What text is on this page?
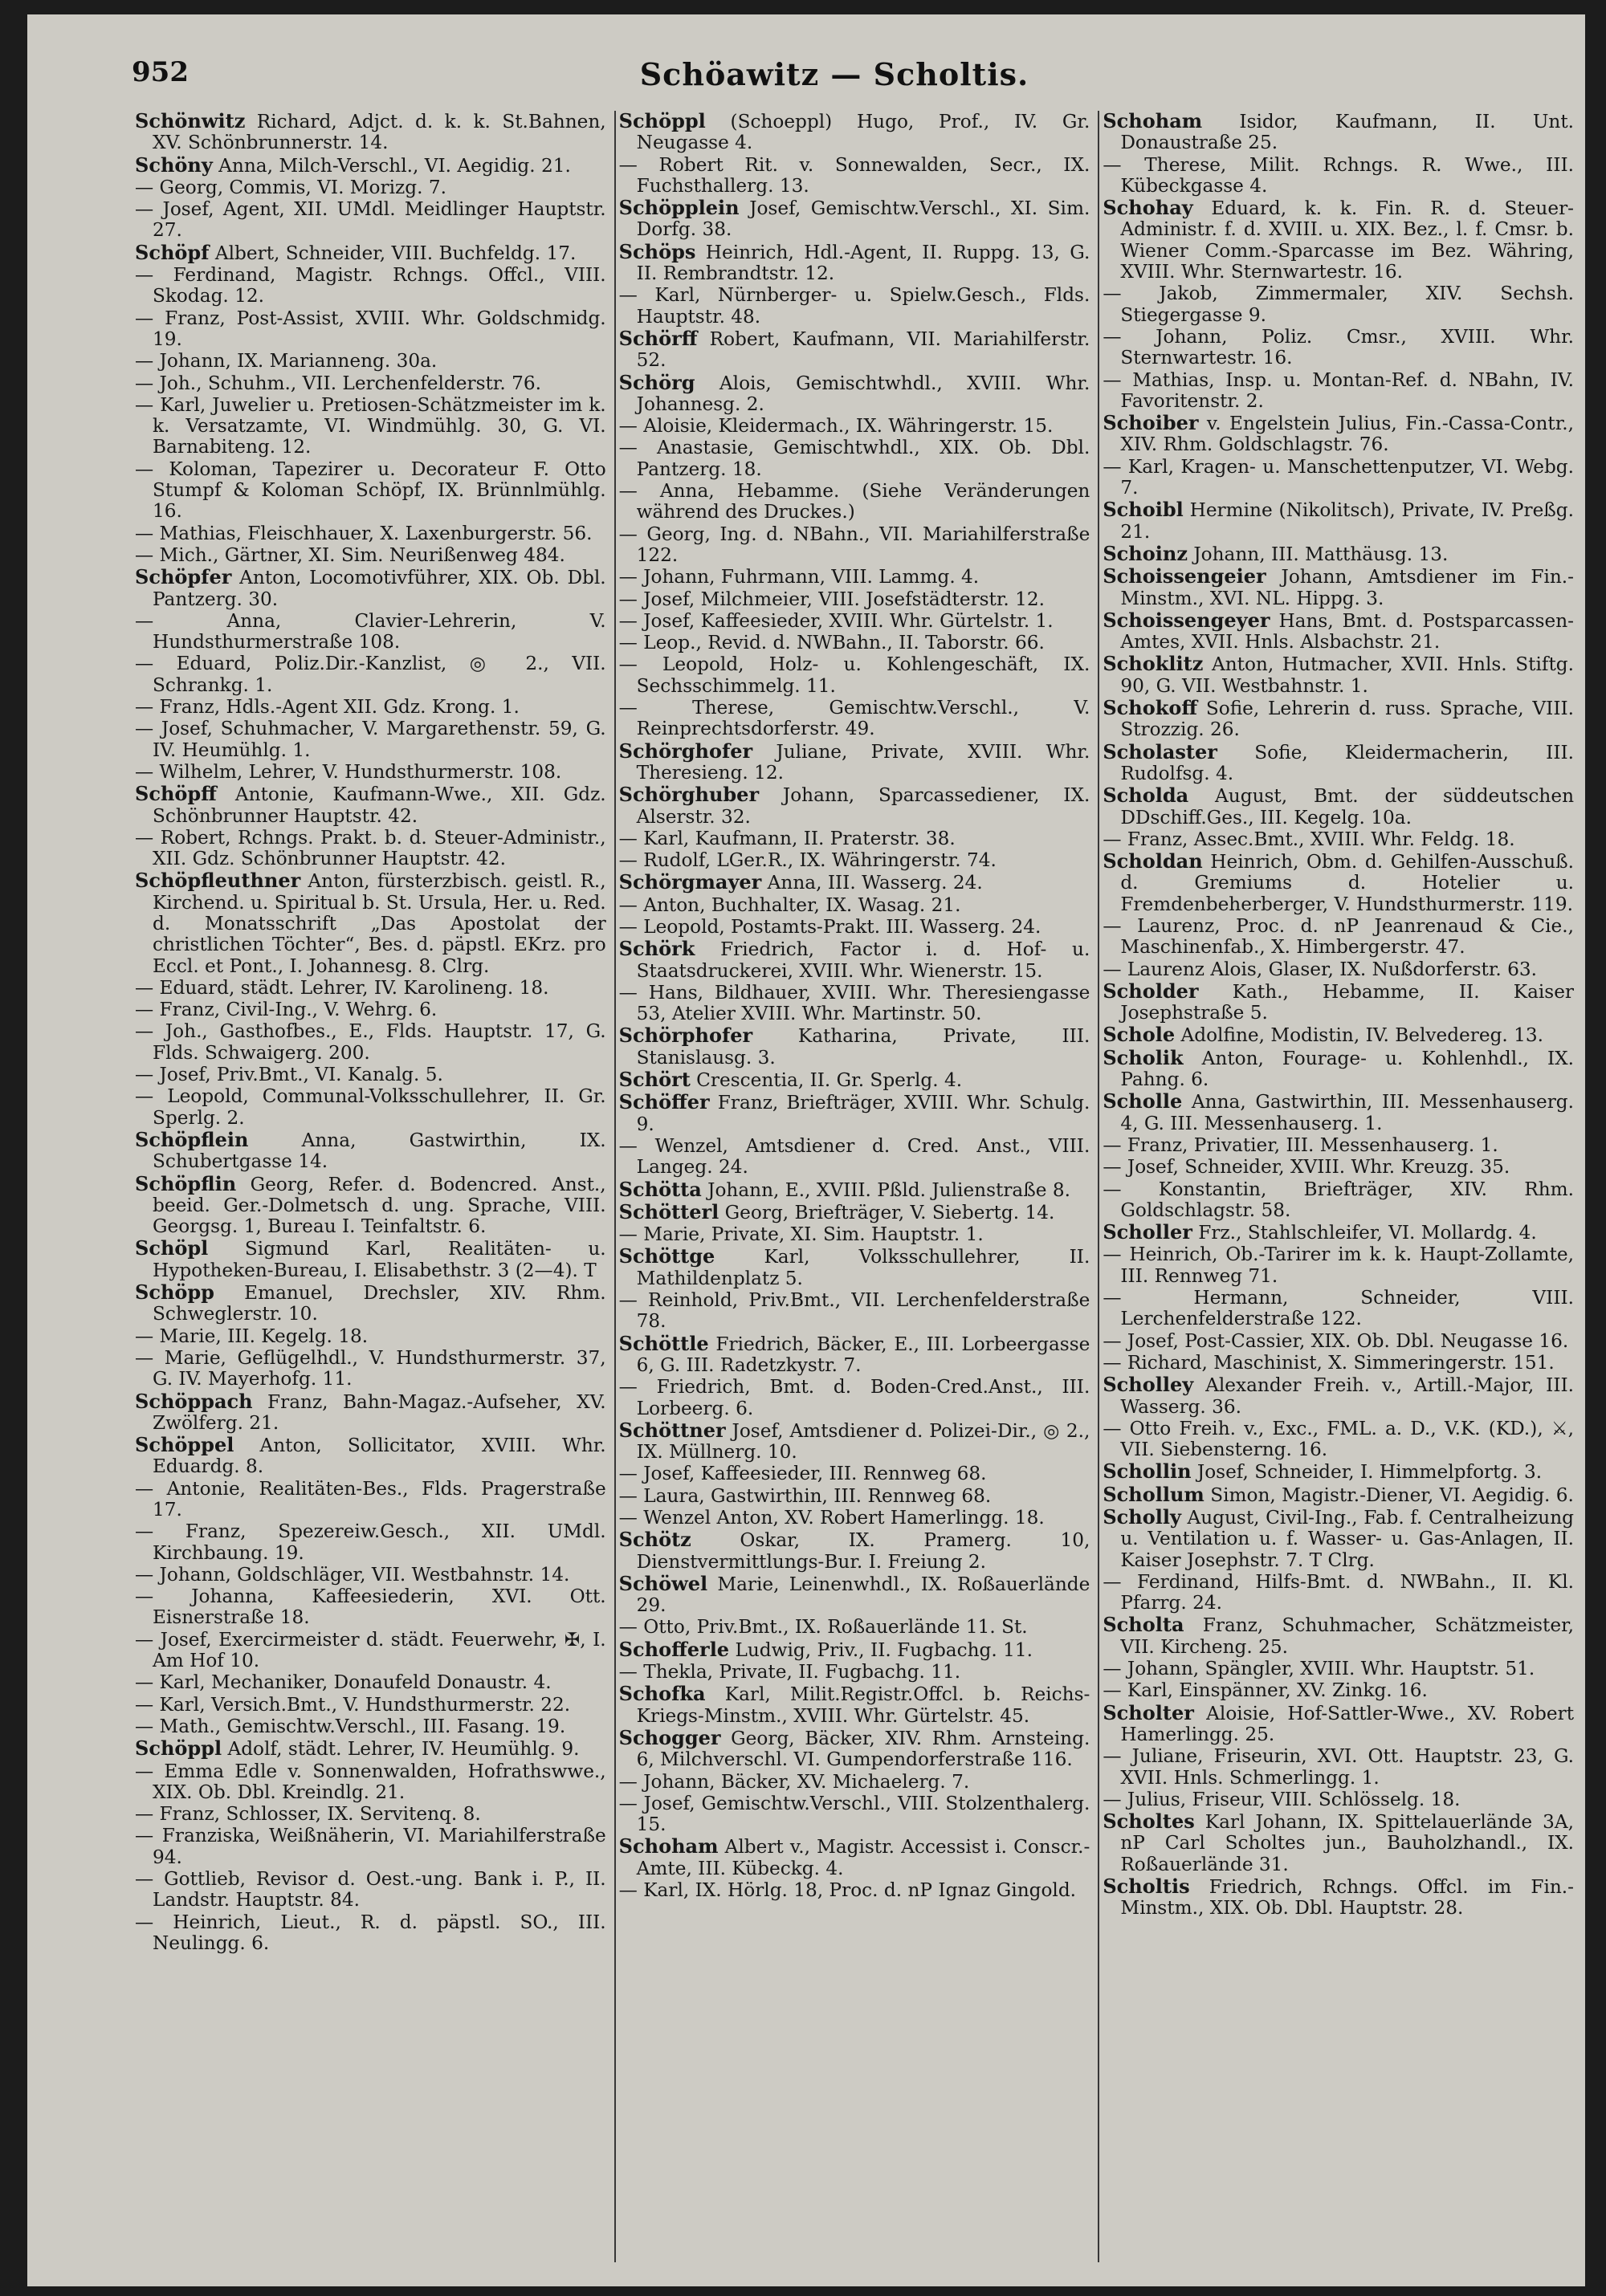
952	Schöawitz — Scholtis.
Schönwitz Richard, Adjct. d. k. k. St.Bahnen, XV. Schönbrunnerstr. 14.
Schöny Anna, Milch-Verschl., VI. Aegidig. 21.
— Georg, Commis, VI. Morizg. 7.
— Josef, Agent, XII. UMdl. Meidlinger Hauptstr. 27.
Schöpf Albert, Schneider, VIII. Buchfeldg. 17.
— Ferdinand, Magistr. Rchngs. Offcl., VIII. Skodag. 12.
— Franz, Post-Assist, XVIII. Whr. Goldschmidg. 19.
— Johann, IX. Marianneng. 30a.
— Joh., Schuhm., VII. Lerchenfelderstr. 76.
— Karl, Juwelier u. Pretiosen-Schätzmeister im k. k. Versatzamte, VI. Windmühlg. 30, G. VI. Barnabiteng. 12.
— Koloman, Tapezirer u. Decorateur F. Otto Stumpf & Koloman Schöpf, IX. Brünnlmühlg. 16.
— Mathias, Fleischhauer, X. Laxenburgerstr. 56.
— Mich., Gärtner, XI. Sim. Neurißenweg 484.
Schöpfer Anton, Locomotivführer, XIX. Ob. Dbl. Pantzerg. 30.
— Anna, Clavier-Lehrerin, V. Hundsthurmerstraße 108.
— Eduard, Poliz.Dir.-Kanzlist, ◎ 2., VII. Schrankg. 1.
— Franz, Hdls.-Agent XII. Gdz. Krong. 1.
— Josef, Schuhmacher, V. Margarethenstr. 59, G. IV. Heumühlg. 1.
— Wilhelm, Lehrer, V. Hundsthurmerstr. 108.
Schöpff Antonie, Kaufmann-Wwe., XII. Gdz. Schönbrunner Hauptstr. 42.
— Robert, Rchngs. Prakt. b. d. Steuer-Administr., XII. Gdz. Schönbrunner Hauptstr. 42.
Schöpfleuthner Anton, fürsterzbisch. geistl. R., Kirchend. u. Spiritual b. St. Ursula, Her. u. Red. d. Monatsschrift „Das Apostolat der christlichen Töchter“, Bes. d. päpstl. EKrz. pro Eccl. et Pont., I. Johannesg. 8. Clrg.
— Eduard, städt. Lehrer, IV. Karolineng. 18.
— Franz, Civil-Ing., V. Wehrg. 6.
— Joh., Gasthofbes., E., Flds. Hauptstr. 17, G. Flds. Schwaigerg. 200.
— Josef, Priv.Bmt., VI. Kanalg. 5.
— Leopold, Communal-Volksschullehrer, II. Gr. Sperlg. 2.
Schöpflein Anna, Gastwirthin, IX. Schubertgasse 14.
Schöpflin Georg, Refer. d. Bodencred. Anst., beeid. Ger.-Dolmetsch d. ung. Sprache, VIII. Georgsg. 1, Bureau I. Teinfaltstr. 6.
Schöpl Sigmund Karl, Realitäten- u. Hypotheken-Bureau, I. Elisabethstr. 3 (2—4). T
Schöpp Emanuel, Drechsler, XIV. Rhm. Schweglerstr. 10.
— Marie, III. Kegelg. 18.
— Marie, Geflügelhdl., V. Hundsthurmerstr. 37, G. IV. Mayerhofg. 11.
Schöppach Franz, Bahn-Magaz.-Aufseher, XV. Zwölferg. 21.
Schöppel Anton, Sollicitator, XVIII. Whr. Eduardg. 8.
— Antonie, Realitäten-Bes., Flds. Pragerstraße 17.
— Franz, Spezereiw.Gesch., XII. UMdl. Kirchbaung. 19.
— Johann, Goldschläger, VII. Westbahnstr. 14.
— Johanna, Kaffeesiederin, XVI. Ott. Eisnerstraße 18.
— Josef, Exercirmeister d. städt. Feuerwehr, ✠, I. Am Hof 10.
— Karl, Mechaniker, Donaufeld Donaustr. 4.
— Karl, Versich.Bmt., V. Hundsthurmerstr. 22.
— Math., Gemischtw.Verschl., III. Fasang. 19.
Schöppl Adolf, städt. Lehrer, IV. Heumühlg. 9.
— Emma Edle v. Sonnenwalden, Hofrathswwe., XIX. Ob. Dbl. Kreindlg. 21.
— Franz, Schlosser, IX. Servitenq. 8.
— Franziska, Weißnäherin, VI. Mariahilferstraße 94.
— Gottlieb, Revisor d. Oest.-ung. Bank i. P., II. Landstr. Hauptstr. 84.
— Heinrich, Lieut., R. d. päpstl. SO., III. Neulingg. 6.
Schöppl (Schoeppl) Hugo, Prof., IV. Gr. Neugasse 4.
— Robert Rit. v. Sonnewalden, Secr., IX. Fuchsthallerg. 13.
Schöpplein Josef, Gemischtw.Verschl., XI. Sim. Dorfg. 38.
Schöps Heinrich, Hdl.-Agent, II. Ruppg. 13, G. II. Rembrandtstr. 12.
— Karl, Nürnberger- u. Spielw.Gesch., Flds. Hauptstr. 48.
Schörff Robert, Kaufmann, VII. Mariahilferstr. 52.
Schörg Alois, Gemischtwhdl., XVIII. Whr. Johannesg. 2.
— Aloisie, Kleidermach., IX. Währingerstr. 15.
— Anastasie, Gemischtwhdl., XIX. Ob. Dbl. Pantzerg. 18.
— Anna, Hebamme. (Siehe Veränderungen während des Druckes.)
— Georg, Ing. d. NBahn., VII. Mariahilferstraße 122.
— Johann, Fuhrmann, VIII. Lammg. 4.
— Josef, Milchmeier, VIII. Josefstädterstr. 12.
— Josef, Kaffeesieder, XVIII. Whr. Gürtelstr. 1.
— Leop., Revid. d. NWBahn., II. Taborstr. 66.
— Leopold, Holz- u. Kohlengeschäft, IX. Sechsschimmelg. 11.
— Therese, Gemischtw.Verschl., V. Reinprechtsdorferstr. 49.
Schörghofer Juliane, Private, XVIII. Whr. Theresieng. 12.
Schörghuber Johann, Sparcassediener, IX. Alserstr. 32.
— Karl, Kaufmann, II. Praterstr. 38.
— Rudolf, LGer.R., IX. Währingerstr. 74.
Schörgmayer Anna, III. Wasserg. 24.
— Anton, Buchhalter, IX. Wasag. 21.
— Leopold, Postamts-Prakt. III. Wasserg. 24.
Schörk Friedrich, Factor i. d. Hof- u. Staatsdruckerei, XVIII. Whr. Wienerstr. 15.
— Hans, Bildhauer, XVIII. Whr. Theresiengasse 53, Atelier XVIII. Whr. Martinstr. 50.
Schörphofer Katharina, Private, III. Stanislausg. 3.
Schört Crescentia, II. Gr. Sperlg. 4.
Schöffer Franz, Briefträger, XVIII. Whr. Schulg. 9.
— Wenzel, Amtsdiener d. Cred. Anst., VIII. Langeg. 24.
Schötta Johann, E., XVIII. Pßld. Julienstraße 8.
Schötterl Georg, Briefträger, V. Siebertg. 14.
— Marie, Private, XI. Sim. Hauptstr. 1.
Schöttge Karl, Volksschullehrer, II. Mathildenplatz 5.
— Reinhold, Priv.Bmt., VII. Lerchenfelderstraße 78.
Schöttle Friedrich, Bäcker, E., III. Lorbeergasse 6, G. III. Radetzkystr. 7.
— Friedrich, Bmt. d. Boden-Cred.Anst., III. Lorbeerg. 6.
Schöttner Josef, Amtsdiener d. Polizei-Dir., ◎ 2., IX. Müllnerg. 10.
— Josef, Kaffeesieder, III. Rennweg 68.
— Laura, Gastwirthin, III. Rennweg 68.
— Wenzel Anton, XV. Robert Hamerlingg. 18.
Schötz Oskar, IX. Pramerg. 10, Dienstvermittlungs-Bur. I. Freiung 2.
Schöwel Marie, Leinenwhdl., IX. Roßauerlände 29.
— Otto, Priv.Bmt., IX. Roßauerlände 11. St.
Schofferle Ludwig, Priv., II. Fugbachg. 11.
— Thekla, Private, II. Fugbachg. 11.
Schofka Karl, Milit.Registr.Offcl. b. Reichs-Kriegs-Minstm., XVIII. Whr. Gürtelstr. 45.
Schogger Georg, Bäcker, XIV. Rhm. Arnsteing. 6, Milchverschl. VI. Gumpendorferstraße 116.
— Johann, Bäcker, XV. Michaelerg. 7.
— Josef, Gemischtw.Verschl., VIII. Stolzenthalerg. 15.
Schoham Albert v., Magistr. Accessist i. Conscr.-Amte, III. Kübeckg. 4.
— Karl, IX. Hörlg. 18, Proc. d. nP Ignaz Gingold.
Schoham Isidor, Kaufmann, II. Unt. Donaustraße 25.
— Therese, Milit. Rchngs. R. Wwe., III. Kübeckgasse 4.
Schohay Eduard, k. k. Fin. R. d. Steuer-Administr. f. d. XVIII. u. XIX. Bez., l. f. Cmsr. b. Wiener Comm.-Sparcasse im Bez. Währing, XVIII. Whr. Sternwartestr. 16.
— Jakob, Zimmermaler, XIV. Sechsh. Stiegergasse 9.
— Johann, Poliz. Cmsr., XVIII. Whr. Sternwartestr. 16.
— Mathias, Insp. u. Montan-Ref. d. NBahn, IV. Favoritenstr. 2.
Schoiber v. Engelstein Julius, Fin.-Cassa-Contr., XIV. Rhm. Goldschlagstr. 76.
— Karl, Kragen- u. Manschettenputzer, VI. Webg. 7.
Schoibl Hermine (Nikolitsch), Private, IV. Preßg. 21.
Schoinz Johann, III. Matthäusg. 13.
Schoissengeier Johann, Amtsdiener im Fin.-Minstm., XVI. NL. Hippg. 3.
Schoissengeyer Hans, Bmt. d. Postsparcassen-Amtes, XVII. Hnls. Alsbachstr. 21.
Schoklitz Anton, Hutmacher, XVII. Hnls. Stiftg. 90, G. VII. Westbahnstr. 1.
Schokoff Sofie, Lehrerin d. russ. Sprache, VIII. Strozzig. 26.
Scholaster Sofie, Kleidermacherin, III. Rudolfsg. 4.
Scholda August, Bmt. der süddeutschen DDschiff.Ges., III. Kegelg. 10a.
— Franz, Assec.Bmt., XVIII. Whr. Feldg. 18.
Scholdan Heinrich, Obm. d. Gehilfen-Ausschuß. d. Gremiums d. Hotelier u. Fremdenbeherberger, V. Hundsthurmerstr. 119.
— Laurenz, Proc. d. nP Jeanrenaud & Cie., Maschinenfab., X. Himbergerstr. 47.
— Laurenz Alois, Glaser, IX. Nußdorferstr. 63.
Scholder Kath., Hebamme, II. Kaiser Josephstraße 5.
Schole Adolfine, Modistin, IV. Belvedereg. 13.
Scholik Anton, Fourage- u. Kohlenhdl., IX. Pahng. 6.
Scholle Anna, Gastwirthin, III. Messenhauserg. 4, G. III. Messenhauserg. 1.
— Franz, Privatier, III. Messenhauserg. 1.
— Josef, Schneider, XVIII. Whr. Kreuzg. 35.
— Konstantin, Briefträger, XIV. Rhm. Goldschlagstr. 58.
Scholler Frz., Stahlschleifer, VI. Mollardg. 4.
— Heinrich, Ob.-Tarirer im k. k. Haupt-Zollamte, III. Rennweg 71.
— Hermann, Schneider, VIII. Lerchenfelderstraße 122.
— Josef, Post-Cassier, XIX. Ob. Dbl. Neugasse 16.
— Richard, Maschinist, X. Simmeringerstr. 151.
Scholley Alexander Freih. v., Artill.-Major, III. Wasserg. 36.
— Otto Freih. v., Exc., FML. a. D., V.K. (KD.), ⚔, VII. Siebensterng. 16.
Schollin Josef, Schneider, I. Himmelpfortg. 3.
Schollum Simon, Magistr.-Diener, VI. Aegidig. 6.
Scholly August, Civil-Ing., Fab. f. Centralheizung u. Ventilation u. f. Wasser- u. Gas-Anlagen, II. Kaiser Josephstr. 7. T Clrg.
— Ferdinand, Hilfs-Bmt. d. NWBahn., II. Kl. Pfarrg. 24.
Scholta Franz, Schuhmacher, Schätzmeister, VII. Kircheng. 25.
— Johann, Spängler, XVIII. Whr. Hauptstr. 51.
— Karl, Einspänner, XV. Zinkg. 16.
Scholter Aloisie, Hof-Sattler-Wwe., XV. Robert Hamerlingg. 25.
— Juliane, Friseurin, XVI. Ott. Hauptstr. 23, G. XVII. Hnls. Schmerlingg. 1.
— Julius, Friseur, VIII. Schlösselg. 18.
Scholtes Karl Johann, IX. Spittelauerlände 3A, nP Carl Scholtes jun., Bauholzhandl., IX. Roßauerlände 31.
Scholtis Friedrich, Rchngs. Offcl. im Fin.-Minstm., XIX. Ob. Dbl. Hauptstr. 28.
